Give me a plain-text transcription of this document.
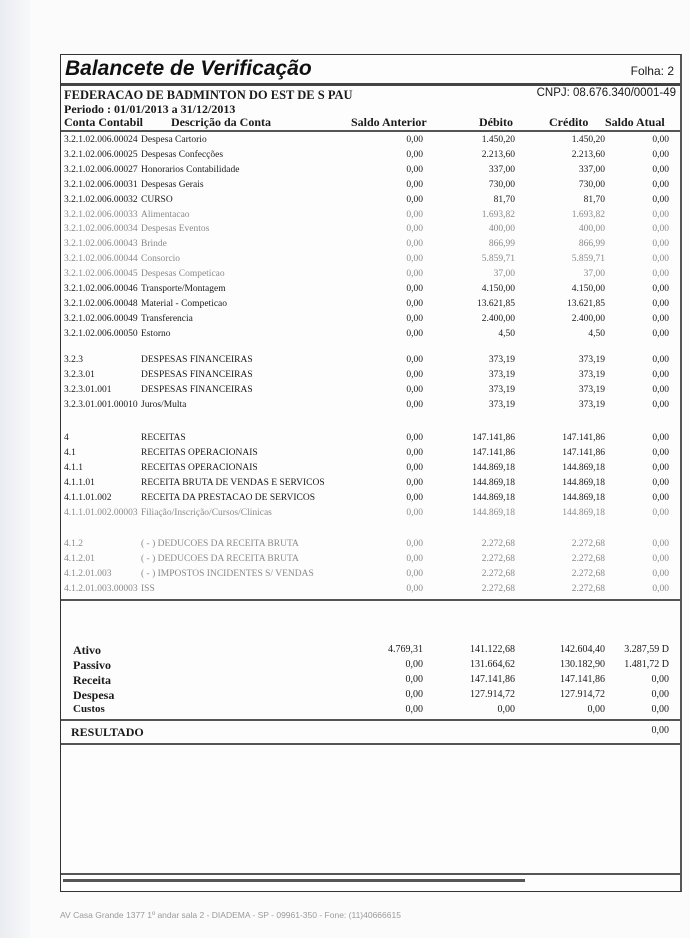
Balancete de Verificação	Folha: 2
FEDERACAO DE BADMINTON DO EST DE S PAU	CNPJ: 08.676.340/0001-49
Periodo : 01/01/2013 a 31/12/2013
Conta Contabil Descrição da Conta	Saldo Anterior	Débito	Crédito Saldo Atual
3.2.1.02.006.00024 Despesa Cartorio	0,00	1.450,20	1.450,20	0,00
3.2.1.02.006.00025 Despesas Confecções	0,00	2.213,60	2.213,60	0,00
3.2.1.02.006.00027 Honorarios Contabilidade	0,00	337,00	337,00	0,00
3.2.1.02.006.00031 Despesas Gerais	0,00	730,00	730,00	0,00
3.2.1.02.006.00032 CURSO	0,00	81,70	81,70	0,00
3.2.1.02.006.00033 Alimentacao	0,00	1.693,82	1.693,82	0,00
3.2.1.02.006.00034 Despesas Eventos	0,00	400,00	400,00	0,00
3.2.1.02.006.00043 Brinde	0,00	866,99	866,99	0,00
3.2.1.02.006.00044 Consorcio	0,00	5.859,71	5.859,71	0,00
3.2.1.02.006.00045 Despesas Competicao	0,00	37,00	37,00	0,00
3.2.1.02.006.00046 Transporte/Montagem	0,00	4.150,00	4.150,00	0,00
3.2.1.02.006.00048 Material - Competicao	0,00	13.621,85	13.621,85	0,00
3.2.1.02.006.00049 Transferencia	0,00	2.400,00	2.400,00	0,00
3.2.1.02.006.00050 Estorno	0,00	4,50	4,50	0,00
3.2.3	DESPESAS FINANCEIRAS	0,00	373,19	373,19	0,00
3.2.3.01	DESPESAS FINANCEIRAS	0,00	373,19	373,19	0,00
3.2.3.01.001	DESPESAS FINANCEIRAS	0,00	373,19	373,19	0,00
3.2.3.01.001.00010 Juros/Multa	0,00	373,19	373,19	0,00
4	RECEITAS	0,00	147.141,86	147.141,86	0,00
4.1	RECEITAS OPERACIONAIS	0,00	147.141,86	147.141,86	0,00
4.1.1	RECEITAS OPERACIONAIS	0,00	144.869,18	144.869,18	0,00
4.1.1.01	RECEITA BRUTA DE VENDAS E SERVICOS	0,00	144.869,18	144.869,18	0,00
4.1.1.01.002	RECEITA DA PRESTACAO DE SERVICOS	0,00	144.869,18	144.869,18	0,00
4.1.1.01.002.00003 Filiação/Inscrição/Cursos/Clinicas	0,00	144.869,18	144.869,18	0,00
4.1.2	( - ) DEDUCOES DA RECEITA BRUTA	0,00	2.272,68	2.272,68	0,00
4.1.2.01	( - ) DEDUCOES DA RECEITA BRUTA	0,00	2.272,68	2.272,68	0,00
4.1.2.01.003	( - ) IMPOSTOS INCIDENTES S/ VENDAS	0,00	2.272,68	2.272,68	0,00
4.1.2.01.003.00003 ISS	0,00	2.272,68	2.272,68	0,00
Ativo	4.769,31	141.122,68	142.604,40	3.287,59 D
Passivo	0,00	131.664,62	130.182,90	1.481,72 D
Receita	0,00	147.141,86	147.141,86	0,00
Despesa	0,00	127.914,72	127.914,72	0,00
Custos	0,00	0,00	0,00	0,00
RESULTADO	0,00
AV Casa Grande 1377 1º andar sala 2 - DIADEMA - SP - 09961-350 - Fone: (11)40666615
